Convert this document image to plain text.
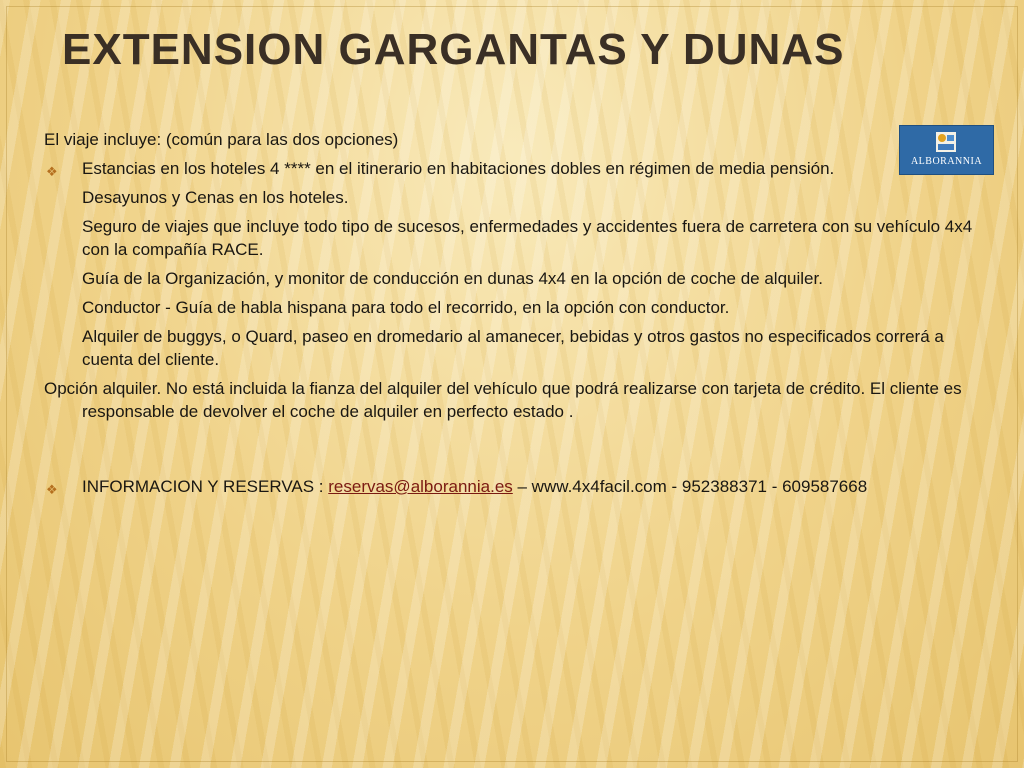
EXTENSION GARGANTAS Y DUNAS
ALBORANNIA

El viaje incluye: (común para las dos opciones)

❖ Estancias en los hoteles 4 **** en el itinerario en habitaciones dobles en régimen de media pensión.

Desayunos y Cenas en los hoteles.

Seguro de viajes que incluye todo tipo de sucesos, enfermedades y accidentes fuera de carretera con su vehículo 4x4 con la compañía RACE.

Guía de la Organización, y monitor de conducción en dunas 4x4 en la opción de coche de alquiler.

Conductor - Guía de habla hispana para todo el recorrido, en la opción con conductor.

Alquiler de buggys, o Quard, paseo en dromedario al amanecer, bebidas y otros gastos no especificados correrá a cuenta del cliente.

Opción alquiler. No está incluida la fianza del alquiler del vehículo que podrá realizarse con tarjeta de crédito. El cliente es responsable de devolver el coche de alquiler en perfecto estado .

❖ INFORMACION Y RESERVAS : reservas@alborannia.es – www.4x4facil.com - 952388371 - 609587668
